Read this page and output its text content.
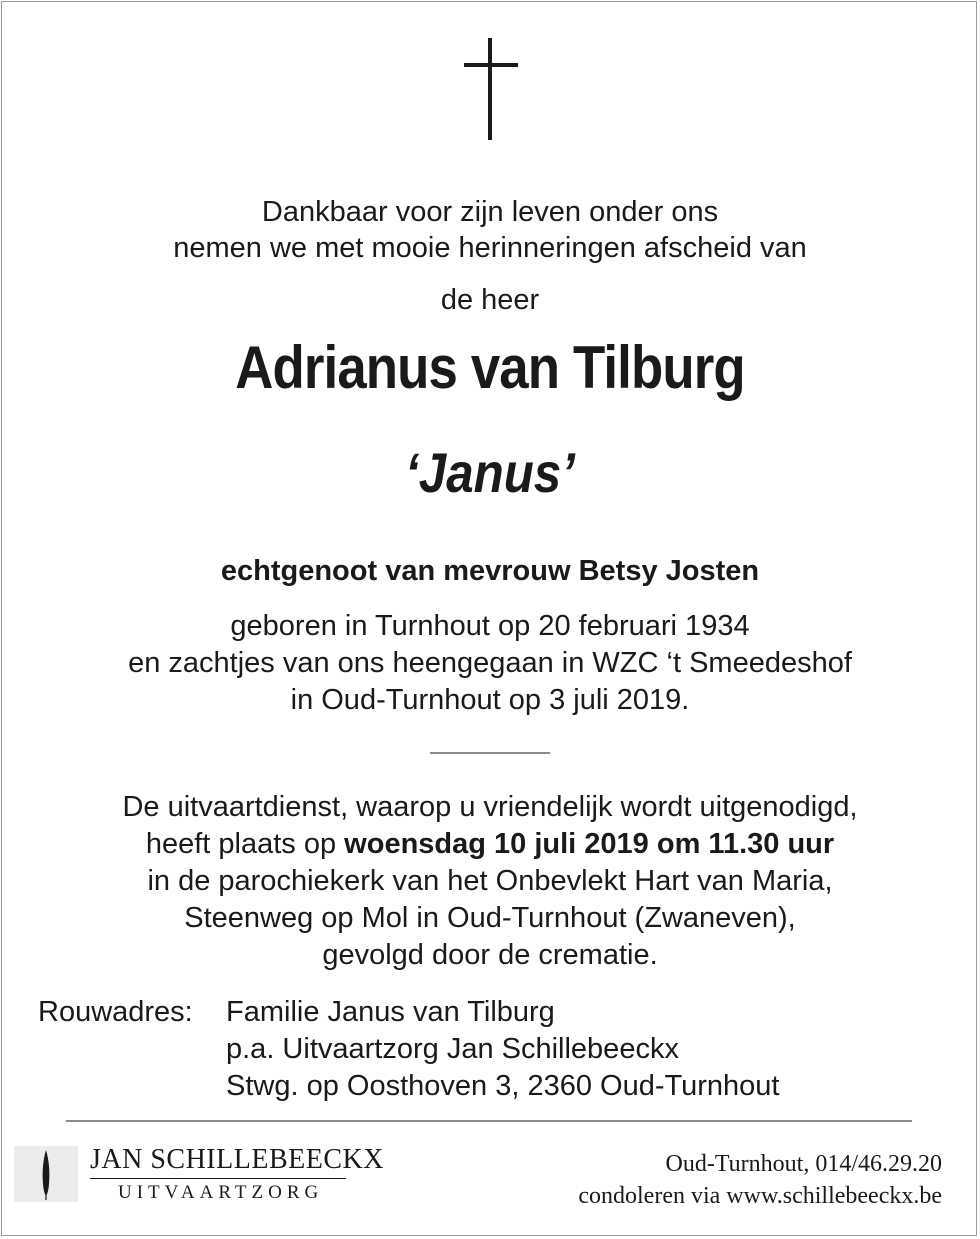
Dankbaar voor zijn leven onder ons
nemen we met mooie herinneringen afscheid van
de heer
Adrianus van Tilburg
‘Janus’
echtgenoot van mevrouw Betsy Josten
geboren in Turnhout op 20 februari 1934
en zachtjes van ons heengegaan in WZC ‘t Smeedeshof
in Oud-Turnhout op 3 juli 2019.
De uitvaartdienst, waarop u vriendelijk wordt uitgenodigd,
heeft plaats op woensdag 10 juli 2019 om 11.30 uur
in de parochiekerk van het Onbevlekt Hart van Maria,
Steenweg op Mol in Oud-Turnhout (Zwaneven),
gevolgd door de crematie.
Rouwadres: Familie Janus van Tilburg
p.a. Uitvaartzorg Jan Schillebeeckx
Stwg. op Oosthoven 3, 2360 Oud-Turnhout
JAN SCHILLEBEECKX
UITVAARTZORG
Oud-Turnhout, 014/46.29.20
condoleren via www.schillebeeckx.be
